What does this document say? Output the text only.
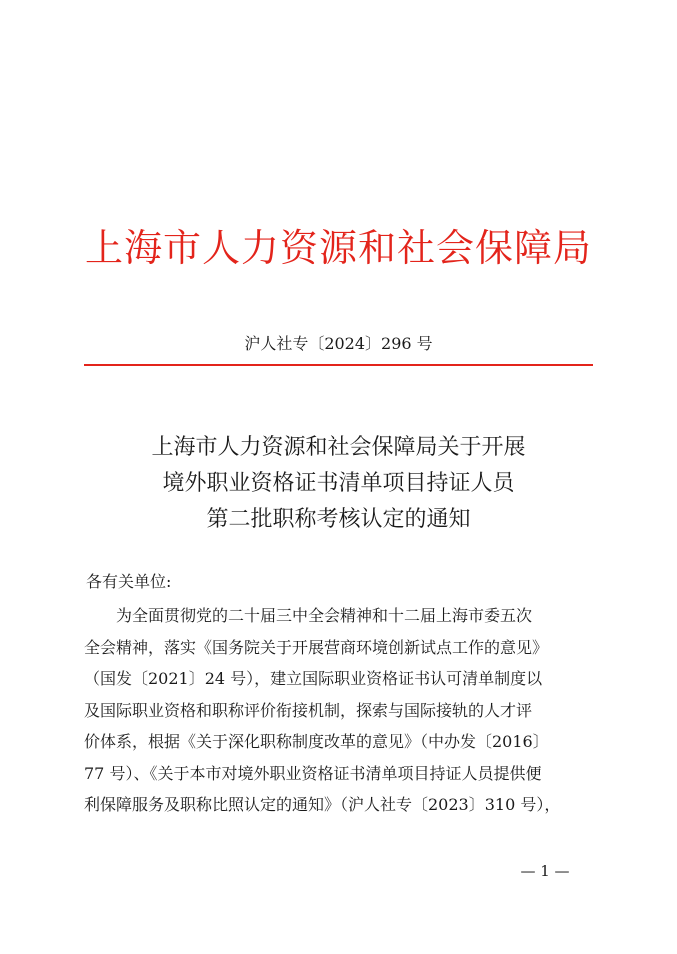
上海市人力资源和社会保障局
沪人社专〔2024〕296 号
上海市人力资源和社会保障局关于开展
境外职业资格证书清单项目持证人员
第二批职称考核认定的通知
各有关单位:
　　为全面贯彻党的二十届三中全会精神和十二届上海市委五次
全会精神，落实《国务院关于开展营商环境创新试点工作的意见》
（国发〔2021〕24 号），建立国际职业资格证书认可清单制度以
及国际职业资格和职称评价衔接机制，探索与国际接轨的人才评
价体系，根据《关于深化职称制度改革的意见》（中办发〔2016〕
77 号）、《关于本市对境外职业资格证书清单项目持证人员提供便
利保障服务及职称比照认定的通知》（沪人社专〔2023〕310 号），
— 1 —
